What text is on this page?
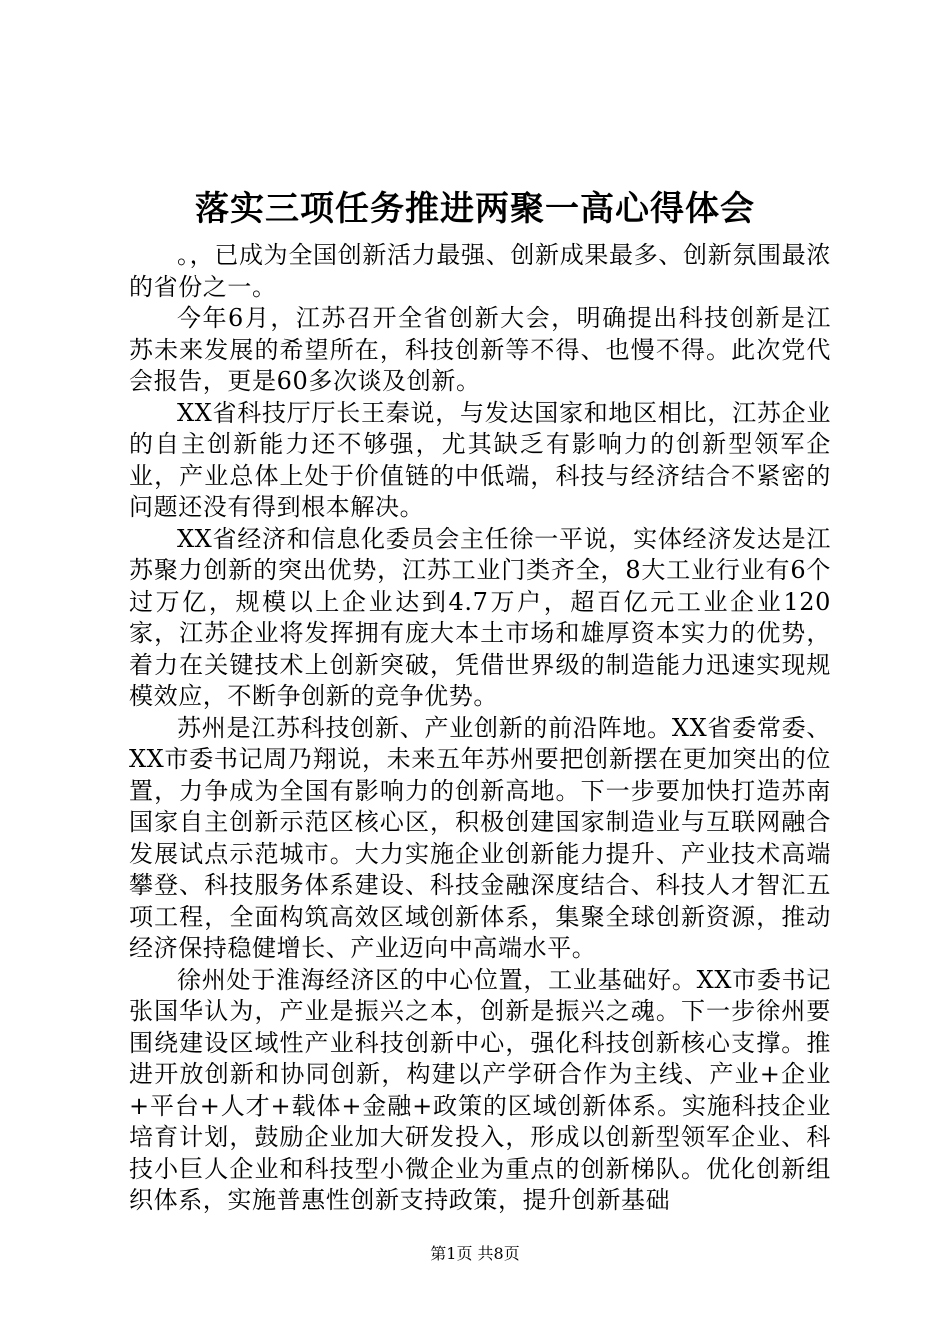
落实三项任务推进两聚一高心得体会

。，已成为全国创新活力最强、创新成果最多、创新氛围最浓的省份之一。

今年6月，江苏召开全省创新大会，明确提出科技创新是江苏未来发展的希望所在，科技创新等不得、也慢不得。此次党代会报告，更是60多次谈及创新。

XX省科技厅厅长王秦说，与发达国家和地区相比，江苏企业的自主创新能力还不够强，尤其缺乏有影响力的创新型领军企业，产业总体上处于价值链的中低端，科技与经济结合不紧密的问题还没有得到根本解决。

XX省经济和信息化委员会主任徐一平说，实体经济发达是江苏聚力创新的突出优势，江苏工业门类齐全，8大工业行业有6个过万亿，规模以上企业达到4.7万户，超百亿元工业企业120家，江苏企业将发挥拥有庞大本土市场和雄厚资本实力的优势，着力在关键技术上创新突破，凭借世界级的制造能力迅速实现规模效应，不断争创新的竞争优势。

苏州是江苏科技创新、产业创新的前沿阵地。XX省委常委、XX市委书记周乃翔说，未来五年苏州要把创新摆在更加突出的位置，力争成为全国有影响力的创新高地。下一步要加快打造苏南国家自主创新示范区核心区，积极创建国家制造业与互联网融合发展试点示范城市。大力实施企业创新能力提升、产业技术高端攀登、科技服务体系建设、科技金融深度结合、科技人才智汇五项工程，全面构筑高效区域创新体系，集聚全球创新资源，推动经济保持稳健增长、产业迈向中高端水平。

徐州处于淮海经济区的中心位置，工业基础好。XX市委书记张国华认为，产业是振兴之本，创新是振兴之魂。下一步徐州要围绕建设区域性产业科技创新中心，强化科技创新核心支撑。推进开放创新和协同创新，构建以产学研合作为主线、产业+企业+平台+人才+载体+金融+政策的区域创新体系。实施科技企业培育计划，鼓励企业加大研发投入，形成以创新型领军企业、科技小巨人企业和科技型小微企业为重点的创新梯队。优化创新组织体系，实施普惠性创新支持政策，提升创新基础

第1页 共8页
